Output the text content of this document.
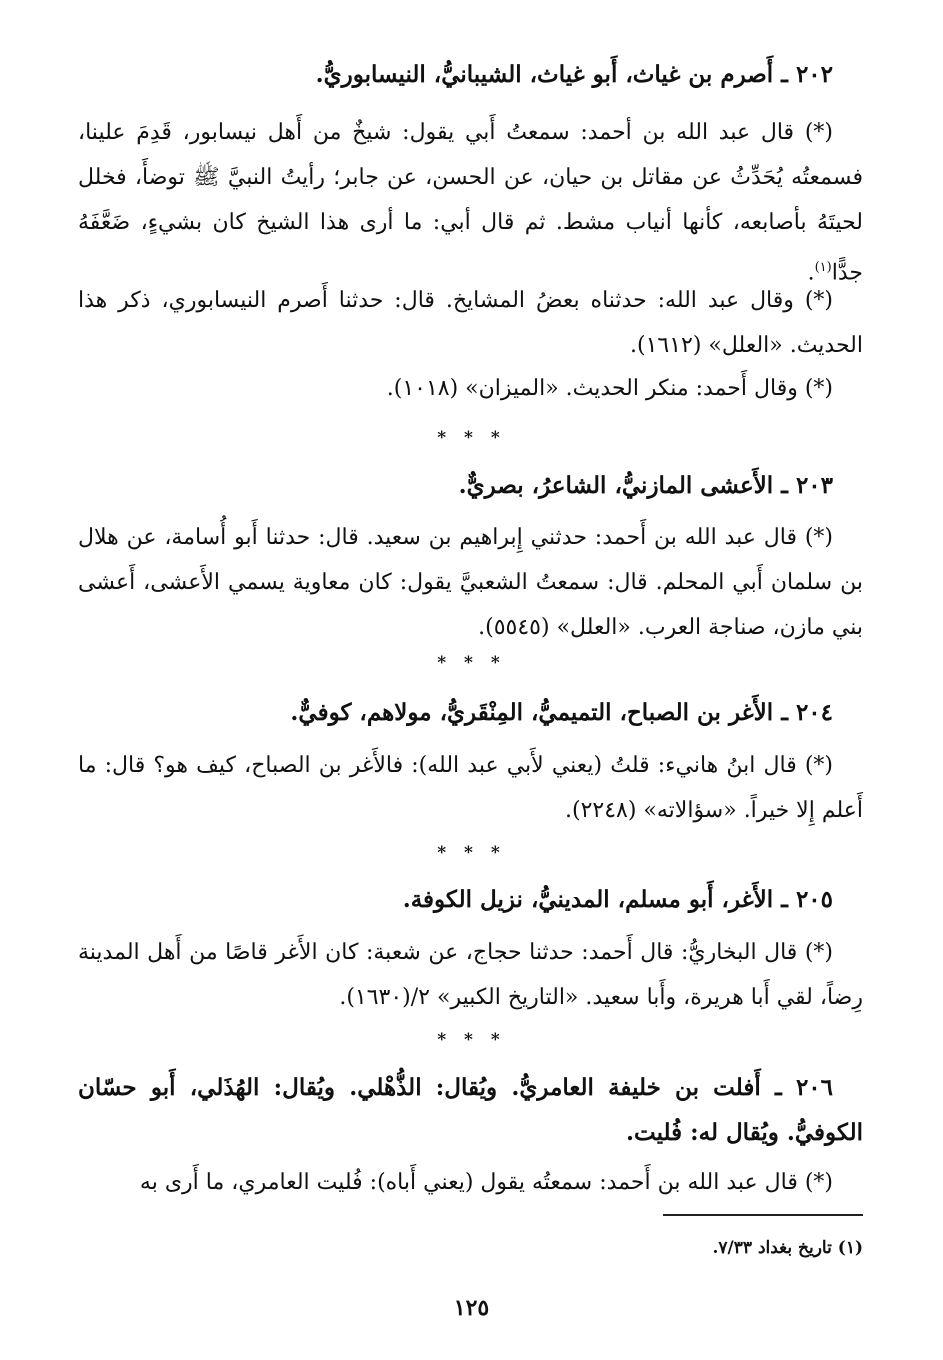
٢٠٢ ـ أَصرم بن غياث، أَبو غياث، الشيبانيُّ، النيسابوريُّ.

(*) قال عبد الله بن أحمد: سمعتُ أَبي يقول: شيخٌ من أَهل نيسابور، قَدِمَ علينا، فسمعتُه يُحَدِّثُ عن مقاتل بن حيان، عن الحسن، عن جابر؛ رأيتُ النبيَّ ﷺ توضأَ، فخلل لحيتَهُ بأصابعه، كأنها أنياب مشط. ثم قال أبي: ما أرى هذا الشيخ كان بشيءٍ، ضَعَّفَهُ جدًّا$^{(١)}$.

(*) وقال عبد الله: حدثناه بعضُ المشايخ. قال: حدثنا أَصرم النيسابوري، ذكر هذا الحديث. «العلل» (١٦١٢).

(*) وقال أَحمد: منكر الحديث. «الميزان» (١٠١٨).

* * *

٢٠٣ ـ الأَعشى المازنيُّ، الشاعرُ، بصريٌّ.

(*) قال عبد الله بن أَحمد: حدثني إِبراهيم بن سعيد. قال: حدثنا أَبو أُسامة، عن هلال بن سلمان أَبي المحلم. قال: سمعتُ الشعبيَّ يقول: كان معاوية يسمي الأَعشى، أَعشى بني مازن، صناجة العرب. «العلل» (٥٥٤٥).

* * *

٢٠٤ ـ الأَغر بن الصباح، التميميُّ، المِنْقَريُّ، مولاهم، كوفيٌّ.

(*) قال ابنُ هانيء: قلتُ (يعني لأَبي عبد الله): فالأَغر بن الصباح، كيف هو؟ قال: ما أَعلم إِلا خيراً. «سؤالاته» (٢٢٤٨).

* * *

٢٠٥ ـ الأَغر، أَبو مسلم، المدينيُّ، نزيل الكوفة.

(*) قال البخاريُّ: قال أَحمد: حدثنا حجاج، عن شعبة: كان الأَغر قاصًا من أَهل المدينة رِضاً، لقي أَبا هريرة، وأَبا سعيد. «التاريخ الكبير» ٢/(١٦٣٠).

* * *

٢٠٦ ـ أَفلت بن خليفة العامريُّ. ويُقال: الذُّهْلي. ويُقال: الهُذَلي، أَبو حسّان الكوفيُّ. ويُقال له: فُليت.

(*) قال عبد الله بن أَحمد: سمعتُه يقول (يعني أَباه): فُليت العامري، ما أَرى به

(١) تاريخ بغداد ٧/٣٣.
١٢٥
